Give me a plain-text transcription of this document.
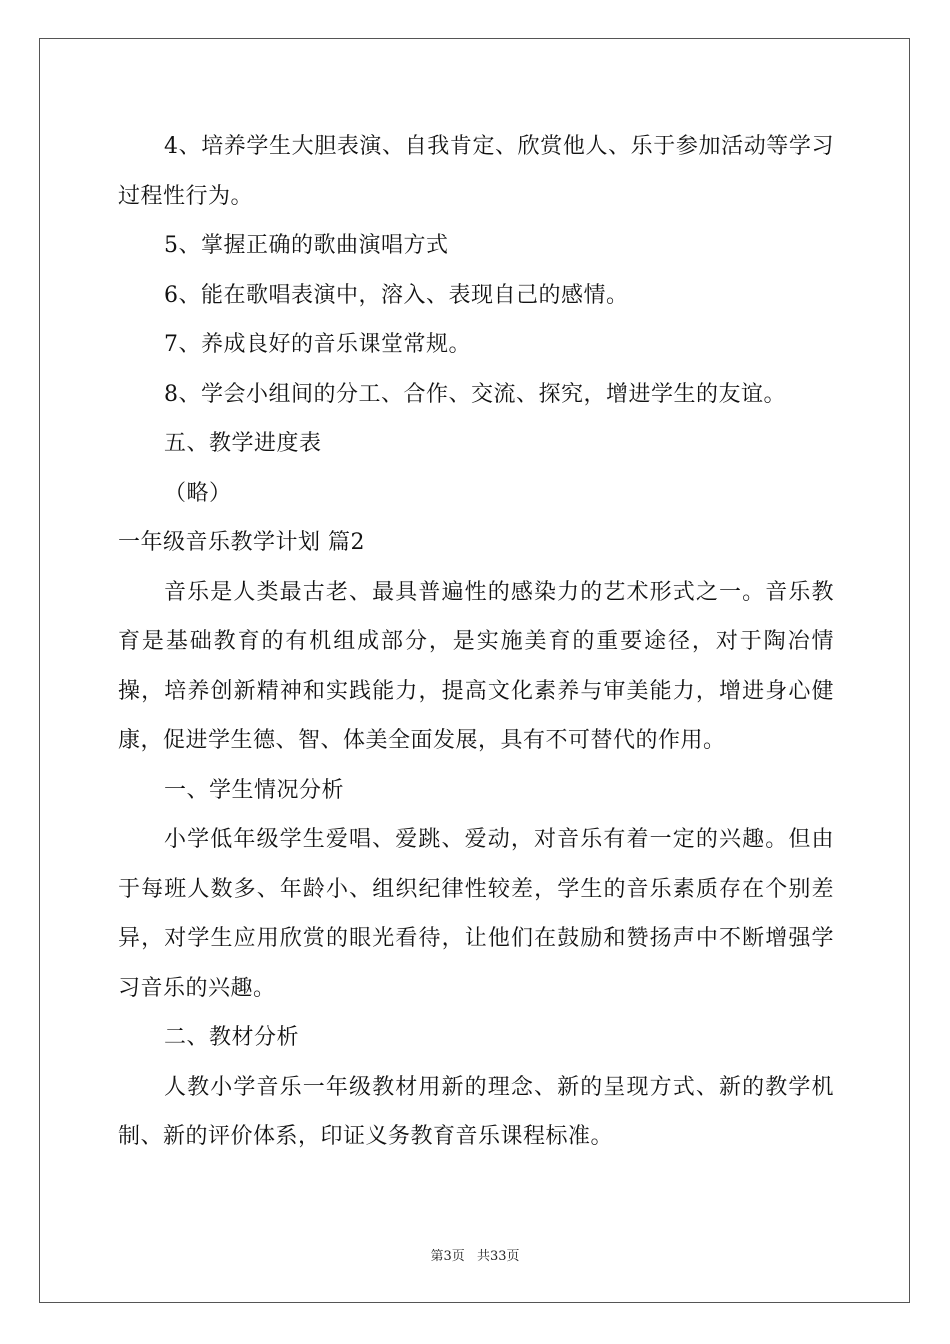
4、培养学生大胆表演、自我肯定、欣赏他人、乐于参加活动等学习过程性行为。

5、掌握正确的歌曲演唱方式

6、能在歌唱表演中，溶入、表现自己的感情。

7、养成良好的音乐课堂常规。

8、学会小组间的分工、合作、交流、探究，增进学生的友谊。

五、教学进度表

（略）

一年级音乐教学计划 篇2

音乐是人类最古老、最具普遍性的感染力的艺术形式之一。音乐教育是基础教育的有机组成部分，是实施美育的重要途径，对于陶冶情操，培养创新精神和实践能力，提高文化素养与审美能力，增进身心健康，促进学生德、智、体美全面发展，具有不可替代的作用。

一、学生情况分析

小学低年级学生爱唱、爱跳、爱动，对音乐有着一定的兴趣。但由于每班人数多、年龄小、组织纪律性较差，学生的音乐素质存在个别差异，对学生应用欣赏的眼光看待，让他们在鼓励和赞扬声中不断增强学习音乐的兴趣。

二、教材分析

人教小学音乐一年级教材用新的理念、新的呈现方式、新的教学机制、新的评价体系，印证义务教育音乐课程标准。

第3页 共33页
